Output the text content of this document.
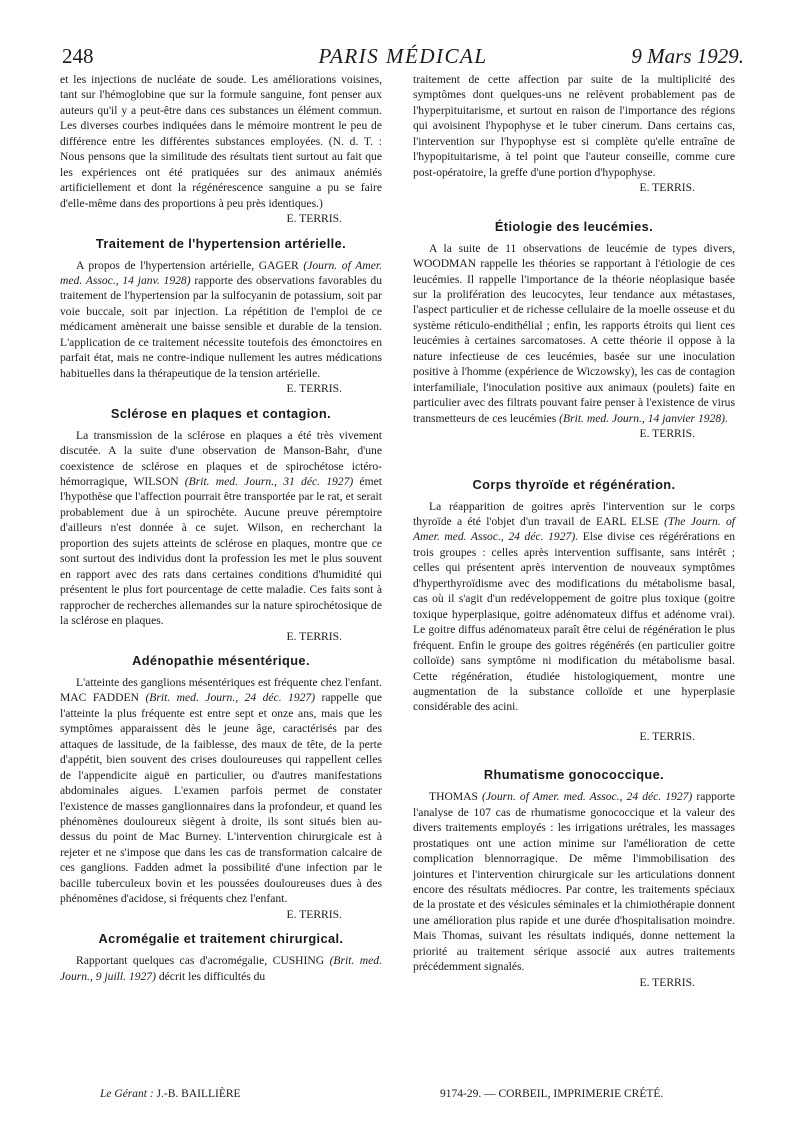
248	PARIS MÉDICAL	9 Mars 1929.

et les injections de nucléate de soude. Les améliorations voisines, tant sur l'hémoglobine que sur la formule sanguine, font penser aux auteurs qu'il y a peut-être dans ces substances un élément commun. Les diverses courbes indiquées dans le mémoire montrent le peu de différence entre les différentes substances employées. (N. d. T. : Nous pensons que la similitude des résultats tient surtout au fait que les expériences ont été pratiquées sur des animaux anémiés artificiellement et dont la régénérescence sanguine a pu se faire d'elle-même dans des proportions à peu près identiques.)

E. TERRIS.
Traitement de l'hypertension artérielle.

A propos de l'hypertension artérielle, GAGER (Journ. of Amer. med. Assoc., 14 janv. 1928) rapporte des observations favorables du traitement de l'hypertension par la sulfocyanin de potassium, soit par voie buccale, soit par injection. La répétition de l'emploi de ce médicament amènerait une baisse sensible et durable de la tension. L'application de ce traitement nécessite toutefois des émonctoires en parfait état, mais ne contre-indique nullement les autres médications habituelles dans la thérapeutique de la tension artérielle.

E. TERRIS.
Sclérose en plaques et contagion.

La transmission de la sclérose en plaques a été très vivement discutée. A la suite d'une observation de Manson-Bahr, d'une coexistence de sclérose en plaques et de spirochétose ictéro-hémorragique, WILSON (Brit. med. Journ., 31 déc. 1927) émet l'hypothèse que l'affection pourrait être transportée par le rat, et serait probablement due à un spirochète. Aucune preuve péremptoire d'ailleurs n'est donnée à ce sujet. Wilson, en recherchant la proportion des sujets atteints de sclérose en plaques, montre que ce sont surtout des individus dont la profession les met le plus souvent en rapport avec des rats dans certaines conditions d'humidité qui présentent le plus fort pourcentage de cette maladie. Ces faits sont à rapprocher de recherches allemandes sur la nature spirochétosique de la sclérose en plaques.

E. TERRIS.
Adénopathie mésentérique.

L'atteinte des ganglions mésentériques est fréquente chez l'enfant. MAC FADDEN (Brit. med. Journ., 24 déc. 1927) rappelle que l'atteinte la plus fréquente est entre sept et onze ans, mais que les symptômes apparaissent dès le jeune âge, caractérisés par des attaques de lassitude, de la faiblesse, des maux de tête, de la perte d'appétit, bien souvent des crises douloureuses qui rappellent celles de l'appendicite aiguë en particulier, ou d'autres manifestations abdominales aigues. L'examen parfois permet de constater l'existence de masses ganglionnaires dans la profondeur, et quand les phénomènes douloureux siègent à droite, ils sont situés bien au-dessus du point de Mac Burney. L'intervention chirurgicale est à rejeter et ne s'impose que dans les cas de transformation calcaire de ces ganglions. Fadden admet la possibilité d'une infection par le bacille tuberculeux bovin et les poussées douloureuses dues à des phénomènes d'acidose, si fréquents chez l'enfant.

E. TERRIS.
Acromégalie et traitement chirurgical.

Rapportant quelques cas d'acromégalie, CUSHING (Brit. med. Journ., 9 juill. 1927) décrit les difficultés du

traitement de cette affection par suite de la multiplicité des symptômes dont quelques-uns ne relèvent probablement pas de l'hyperpituitarisme, et surtout en raison de l'importance des régions qui avoisinent l'hypophyse et le tuber cinerum. Dans certains cas, l'intervention sur l'hypophyse est si complète qu'elle entraîne de l'hypopituitarisme, à tel point que l'auteur conseille, comme cure post-opératoire, la greffe d'une portion d'hypophyse.

E. TERRIS.
Étiologie des leucémies.

A la suite de 11 observations de leucémie de types divers, WOODMAN rappelle les théories se rapportant à l'étiologie de ces leucémies. Il rappelle l'importance de la théorie néoplasique basée sur la prolifération des leucocytes, leur tendance aux métastases, l'aspect particulier et de richesse cellulaire de la moelle osseuse et du système réticulo-endithélial ; enfin, les rapports étroits qui lient ces leucémies à certaines sarcomatoses. A cette théorie il oppose à la nature infectieuse de ces leucémies, basée sur une inoculation positive à l'homme (expérience de Wiczowsky), les cas de contagion interfamiliale, l'inoculation positive aux animaux (poulets) faite en particulier avec des filtrats pouvant faire penser à l'existence de virus transmetteurs de ces leucémies (Brit. med. Journ., 14 janvier 1928).

E. TERRIS.
Corps thyroïde et régénération.

La réapparition de goitres après l'intervention sur le corps thyroïde a été l'objet d'un travail de EARL ELSE (The Journ. of Amer. med. Assoc., 24 déc. 1927). Else divise ces régérérations en trois groupes : celles après intervention suffisante, sans intérêt ; celles qui présentent après intervention de nouveaux symptômes d'hyperthyroïdisme avec des modifications du métabolisme basal, cas où il s'agit d'un redéveloppement de goitre plus toxique (goitre toxique hyperplasique, goitre adénomateux diffus et adénome vrai). Le goitre diffus adénomateux paraît être celui de régénération le plus fréquent. Enfin le groupe des goitres régénérés (en particulier goitre colloïde) sans symptôme ni modification du métabolisme basal. Cette régénération, étudiée histologiquement, montre une augmentation de la substance colloïde et une hyperplasie considérable des acini.

E. TERRIS.
Rhumatisme gonococcique.

THOMAS (Journ. of Amer. med. Assoc., 24 déc. 1927) rapporte l'analyse de 107 cas de rhumatisme gonococcique et la valeur des divers traitements employés : les irrigations urétrales, les massages prostatiques ont une action minime sur l'amélioration de cette complication blennorragique. De même l'immobilisation des jointures et l'intervention chirurgicale sur les articulations donnent encore des résultats médiocres. Par contre, les traitements spéciaux de la prostate et des vésicules séminales et la chimiothérapie donnent une amélioration plus rapide et une durée d'hospitalisation moindre. Mais Thomas, suivant les résultats indiqués, donne nettement la priorité au traitement sérique associé aux autres traitements précédemment signalés.

E. TERRIS.
Le Gérant : J.-B. BAILLIÈRE	9174-29. — CORBEIL, IMPRIMERIE CRÉTÉ.
